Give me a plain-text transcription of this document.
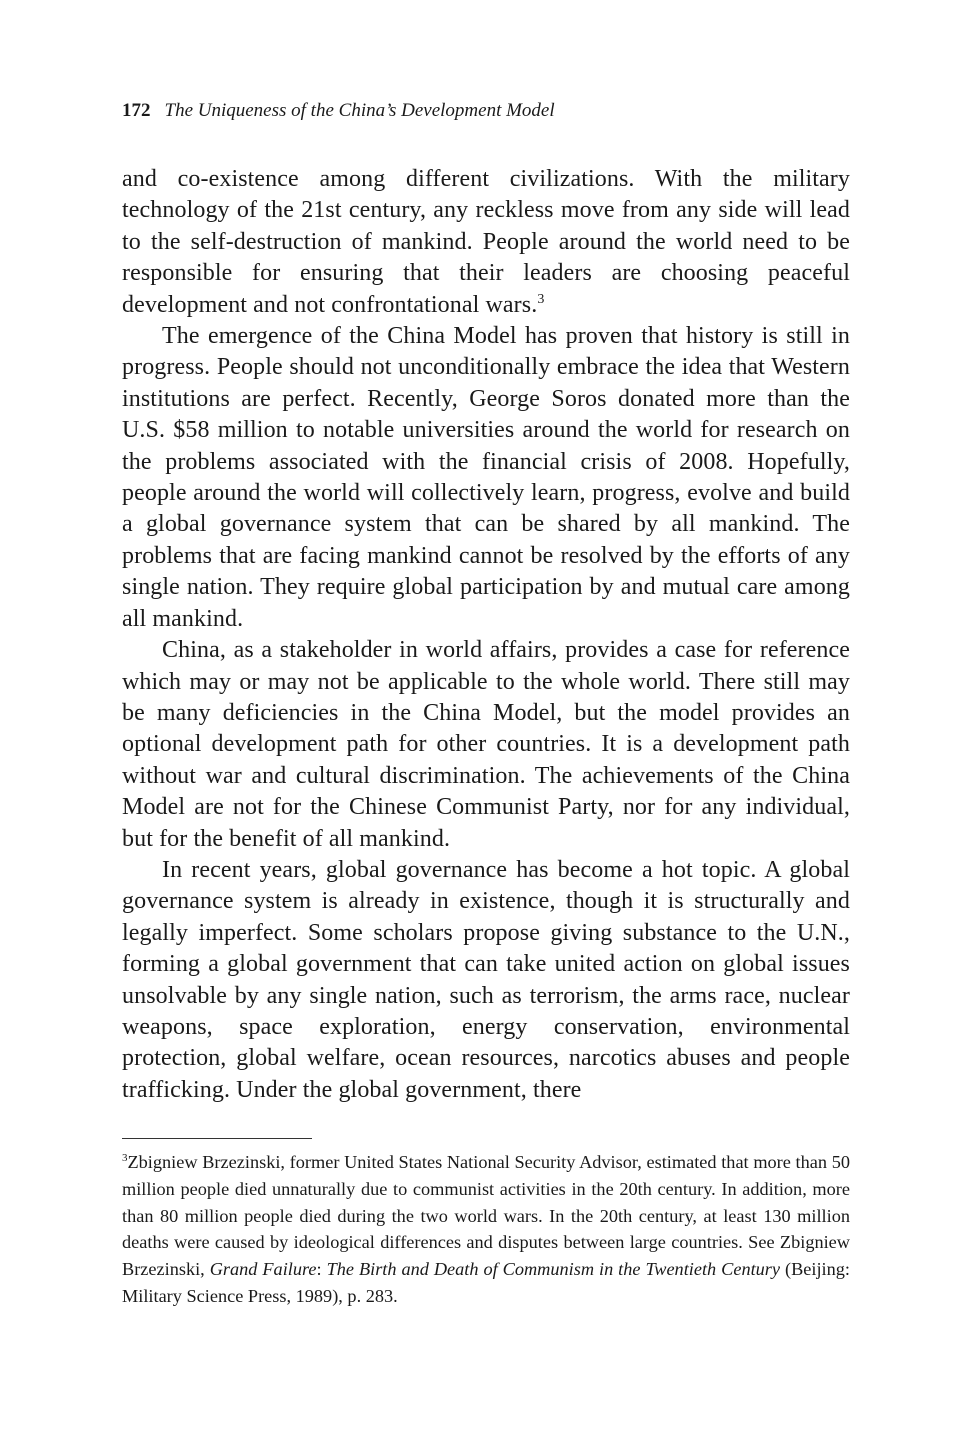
172 The Uniqueness of the China’s Development Model

and co-existence among different civilizations. With the military technology of the 21st century, any reckless move from any side will lead to the self-destruction of mankind. People around the world need to be responsible for ensuring that their leaders are choosing peaceful development and not confrontational wars.$^3$

The emergence of the China Model has proven that history is still in progress. People should not unconditionally embrace the idea that Western institutions are perfect. Recently, George Soros donated more than the U.S. $58 million to notable universities around the world for research on the problems associated with the financial crisis of 2008. Hopefully, people around the world will collectively learn, progress, evolve and build a global governance system that can be shared by all mankind. The problems that are facing mankind cannot be resolved by the efforts of any single nation. They require global participation by and mutual care among all mankind.

China, as a stakeholder in world affairs, provides a case for reference which may or may not be applicable to the whole world. There still may be many deficiencies in the China Model, but the model provides an optional development path for other countries. It is a development path without war and cultural discrimination. The achievements of the China Model are not for the Chinese Communist Party, nor for any individual, but for the benefit of all mankind.

In recent years, global governance has become a hot topic. A global governance system is already in existence, though it is structurally and legally imperfect. Some scholars propose giving substance to the U.N., forming a global government that can take united action on global issues unsolvable by any single nation, such as terrorism, the arms race, nuclear weapons, space exploration, energy conservation, environmental protection, global welfare, ocean resources, narcotics abuses and people trafficking. Under the global government, there

$^3$Zbigniew Brzezinski, former United States National Security Advisor, estimated that more than 50 million people died unnaturally due to communist activities in the 20th century. In addition, more than 80 million people died during the two world wars. In the 20th century, at least 130 million deaths were caused by ideological differences and disputes between large countries. See Zbigniew Brzezinski, Grand Failure: The Birth and Death of Communism in the Twentieth Century (Beijing: Military Science Press, 1989), p. 283.
